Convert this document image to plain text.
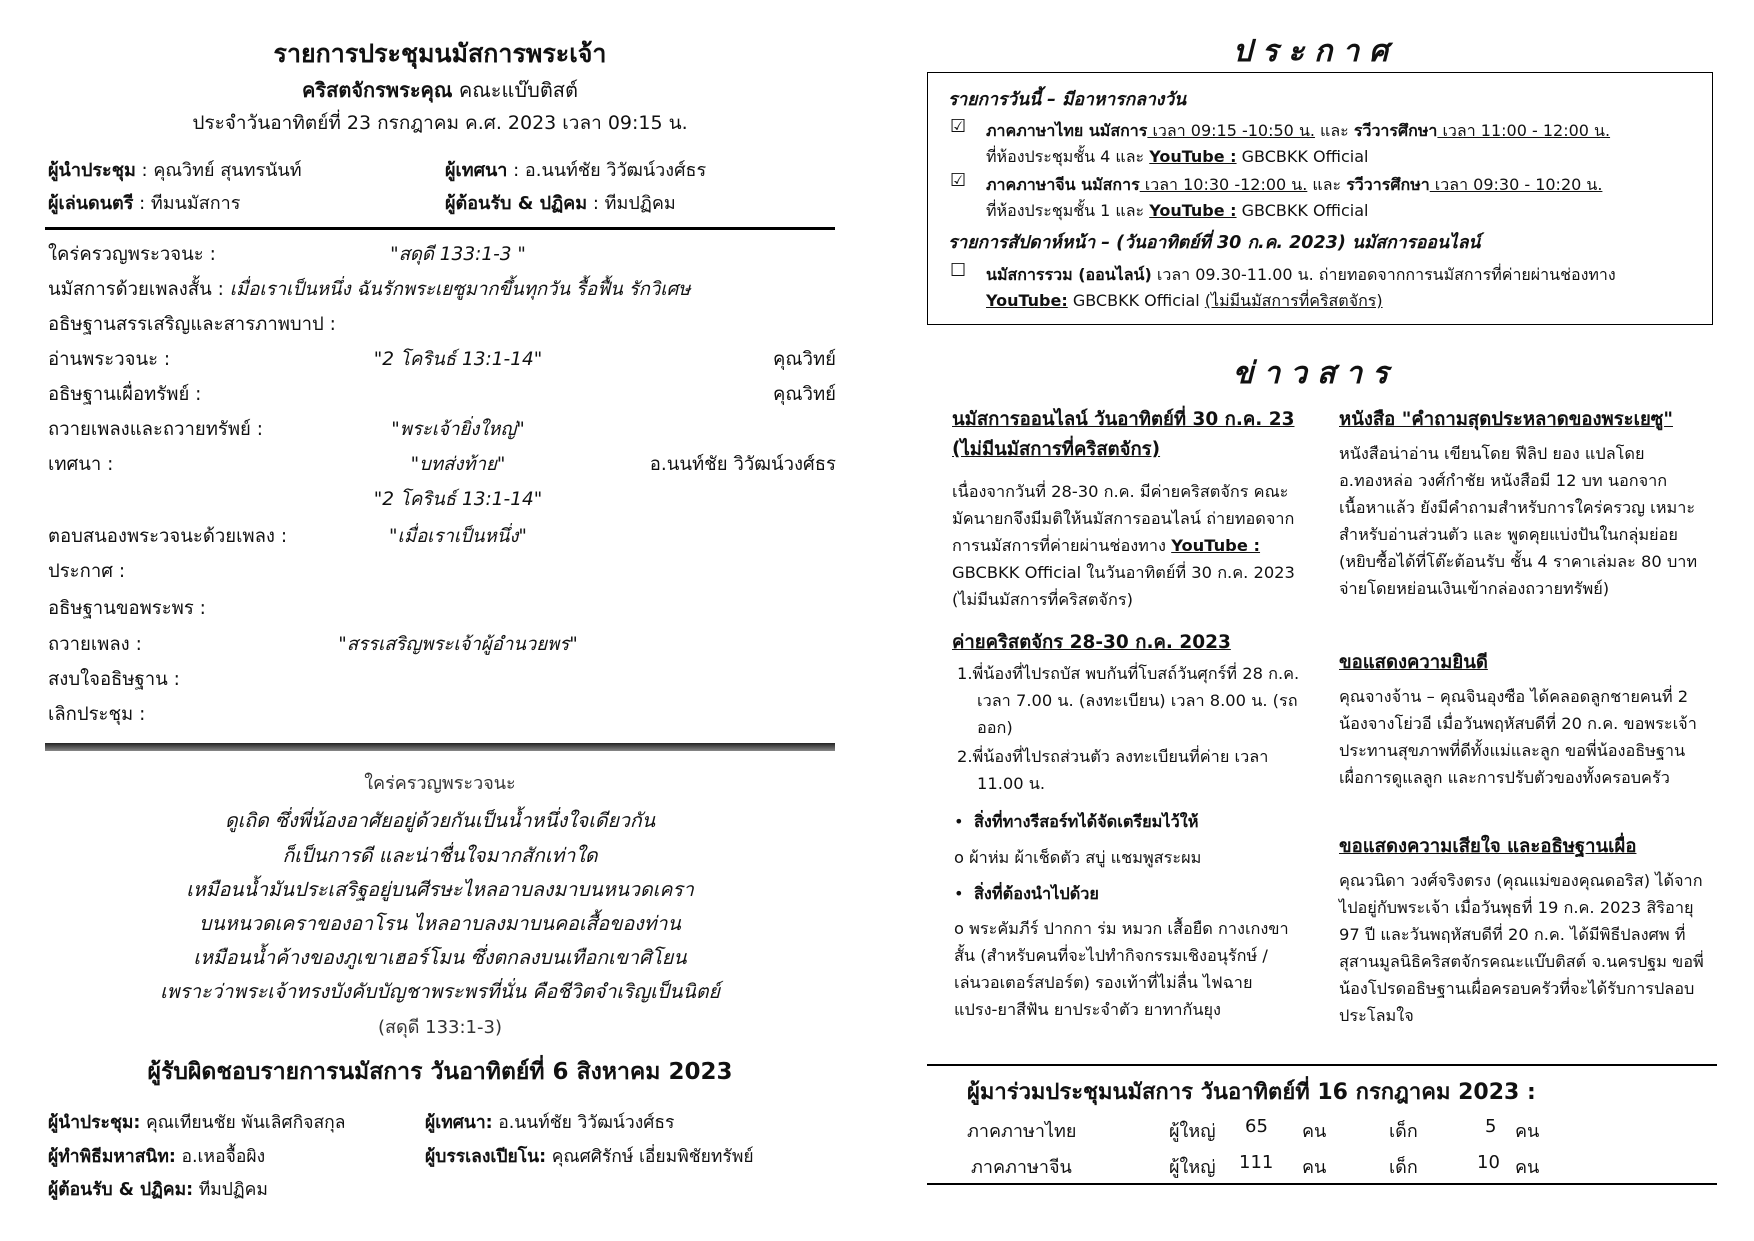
รายการประชุมนมัสการพระเจ้า
คริสตจักรพระคุณ คณะแบ๊บติสต์
ประจำวันอาทิตย์ที่ 23 กรกฎาคม ค.ศ. 2023 เวลา 09:15 น.
ผู้นำประชุม : คุณวิทย์ สุนทรนันท์
ผู้เล่นดนตรี : ทีมนมัสการ
ผู้เทศนา : อ.นนท์ชัย วิวัฒน์วงศ์ธร
ผู้ต้อนรับ & ปฏิคม : ทีมปฏิคม
ใคร่ครวญพระวจนะ :	"สดุดี 133:1-3 "
นมัสการด้วยเพลงสั้น : เมื่อเราเป็นหนึ่ง ฉันรักพระเยซูมากขึ้นทุกวัน รื้อฟื้น รักวิเศษ
อธิษฐานสรรเสริญและสารภาพบาป :
อ่านพระวจนะ :	"2 โครินธ์ 13:1-14"	คุณวิทย์
อธิษฐานเผื่อทรัพย์ :	คุณวิทย์
ถวายเพลงและถวายทรัพย์ :	"พระเจ้ายิ่งใหญ่"
เทศนา :	"บทส่งท้าย"	อ.นนท์ชัย วิวัฒน์วงศ์ธร
"2 โครินธ์ 13:1-14"
ตอบสนองพระวจนะด้วยเพลง :	"เมื่อเราเป็นหนึ่ง"
ประกาศ :
อธิษฐานขอพระพร :
ถวายเพลง :	"สรรเสริญพระเจ้าผู้อำนวยพร"
สงบใจอธิษฐาน :
เลิกประชุม :
ใคร่ครวญพระวจนะ
ดูเถิด ซึ่งพี่น้องอาศัยอยู่ด้วยกันเป็นน้ำหนึ่งใจเดียวกัน
ก็เป็นการดี และน่าชื่นใจมากสักเท่าใด
เหมือนน้ำมันประเสริฐอยู่บนศีรษะไหลอาบลงมาบนหนวดเครา
บนหนวดเคราของอาโรน ไหลอาบลงมาบนคอเสื้อของท่าน
เหมือนน้ำค้างของภูเขาเฮอร์โมน ซึ่งตกลงบนเทือกเขาศิโยน
เพราะว่าพระเจ้าทรงบังคับบัญชาพระพรที่นั่น คือชีวิตจำเริญเป็นนิตย์
(สดุดี 133:1-3)
ผู้รับผิดชอบรายการนมัสการ วันอาทิตย์ที่ 6 สิงหาคม 2023
ผู้นำประชุม: คุณเทียนชัย พันเลิศกิจสกุล	ผู้เทศนา: อ.นนท์ชัย วิวัฒน์วงศ์ธร
ผู้ทำพิธีมหาสนิท: อ.เหอจื้อผิง	ผู้บรรเลงเปียโน: คุณศศิรักษ์ เอี่ยมพิชัยทรัพย์
ผู้ต้อนรับ & ปฏิคม: ทีมปฏิคม
ประกาศ
รายการวันนี้ – มีอาหารกลางวัน
☑ ภาคภาษาไทย นมัสการ เวลา 09:15 -10:50 น. และ รวีวารศึกษา เวลา 11:00 - 12:00 น.
ที่ห้องประชุมชั้น 4 และ YouTube : GBCBKK Official
☑ ภาคภาษาจีน นมัสการ เวลา 10:30 -12:00 น. และ รวีวารศึกษา เวลา 09:30 - 10:20 น.
ที่ห้องประชุมชั้น 1 และ YouTube : GBCBKK Official
รายการสัปดาห์หน้า – (วันอาทิตย์ที่ 30 ก.ค. 2023) นมัสการออนไลน์
☐ นมัสการรวม (ออนไลน์) เวลา 09.30-11.00 น. ถ่ายทอดจากการนมัสการที่ค่ายผ่านช่องทาง
YouTube: GBCBKK Official (ไม่มีนมัสการที่คริสตจักร)
ข่าวสาร
นมัสการออนไลน์ วันอาทิตย์ที่ 30 ก.ค. 23
(ไม่มีนมัสการที่คริสตจักร)
เนื่องจากวันที่ 28-30 ก.ค. มีค่ายคริสตจักร คณะมัคนายกจึงมีมติให้นมัสการออนไลน์ ถ่ายทอดจากการนมัสการที่ค่ายผ่านช่องทาง YouTube : GBCBKK Official ในวันอาทิตย์ที่ 30 ก.ค. 2023 (ไม่มีนมัสการที่คริสตจักร)
ค่ายคริสตจักร 28-30 ก.ค. 2023
1.พี่น้องที่ไปรถบัส พบกันที่โบสถ์วันศุกร์ที่ 28 ก.ค. เวลา 7.00 น. (ลงทะเบียน) เวลา 8.00 น. (รถออก)
2.พี่น้องที่ไปรถส่วนตัว ลงทะเบียนที่ค่าย เวลา 11.00 น.
• สิ่งที่ทางรีสอร์ทได้จัดเตรียมไว้ให้
o ผ้าห่ม ผ้าเช็ดตัว สบู่ แชมพูสระผม
• สิ่งที่ต้องนำไปด้วย
o พระคัมภีร์ ปากกา ร่ม หมวก เสื้อยืด กางเกงขาสั้น (สำหรับคนที่จะไปทำกิจกรรมเชิงอนุรักษ์ / เล่นวอเตอร์สปอร์ต) รองเท้าที่ไม่ลื่น ไฟฉาย แปรง-ยาสีฟัน ยาประจำตัว ยาทากันยุง
หนังสือ "คำถามสุดประหลาดของพระเยซู"
หนังสือน่าอ่าน เขียนโดย ฟีลิป ยอง แปลโดย อ.ทองหล่อ วงศ์กำชัย หนังสือมี 12 บท นอกจากเนื้อหาแล้ว ยังมีคำถามสำหรับการใคร่ครวญ เหมาะสำหรับอ่านส่วนตัว และ พูดคุยแบ่งปันในกลุ่มย่อย (หยิบซื้อได้ที่โต๊ะต้อนรับ ชั้น 4 ราคาเล่มละ 80 บาท จ่ายโดยหย่อนเงินเข้ากล่องถวายทรัพย์)
ขอแสดงความยินดี
คุณจางจ้าน – คุณจินอุงซือ ได้คลอดลูกชายคนที่ 2 น้องจางโย่วอี เมื่อวันพฤหัสบดีที่ 20 ก.ค. ขอพระเจ้าประทานสุขภาพที่ดีทั้งแม่และลูก ขอพี่น้องอธิษฐานเผื่อการดูแลลูก และการปรับตัวของทั้งครอบครัว
ขอแสดงความเสียใจ และอธิษฐานเผื่อ
คุณวนิดา วงศ์จริงตรง (คุณแม่ของคุณดอริส) ได้จากไปอยู่กับพระเจ้า เมื่อวันพุธที่ 19 ก.ค. 2023 สิริอายุ 97 ปี และวันพฤหัสบดีที่ 20 ก.ค. ได้มีพิธีปลงศพ ที่สุสานมูลนิธิคริสตจักรคณะแบ๊บติสต์ จ.นครปฐม ขอพี่น้องโปรดอธิษฐานเผื่อครอบครัวที่จะได้รับการปลอบประโลมใจ
ผู้มาร่วมประชุมนมัสการ วันอาทิตย์ที่ 16 กรกฎาคม 2023 :
ภาคภาษาไทย	ผู้ใหญ่ 65 คน	เด็ก	5 คน
ภาคภาษาจีน	ผู้ใหญ่ 111 คน	เด็ก	10 คน
